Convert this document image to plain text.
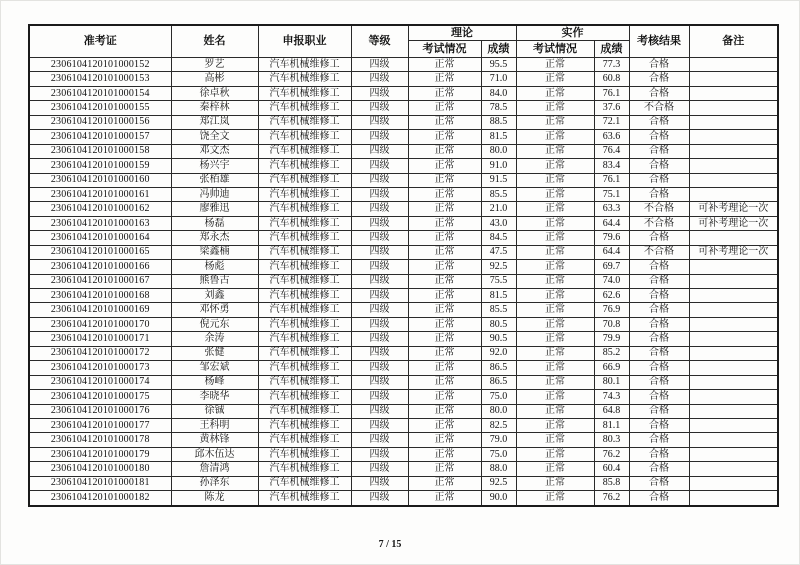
准考证	姓名	申报职业	等级	理论		实作		考核结果	备注
				考试情况	成绩	考试情况	成绩		
2306104120101000152	罗艺	汽车机械维修工	四级	正常	95.5	正常	77.3	合格	
2306104120101000153	高彬	汽车机械维修工	四级	正常	71.0	正常	60.8	合格	
2306104120101000154	徐卓秋	汽车机械维修工	四级	正常	84.0	正常	76.1	合格	
2306104120101000155	秦梓林	汽车机械维修工	四级	正常	78.5	正常	37.6	不合格	
2306104120101000156	郑江岚	汽车机械维修工	四级	正常	88.5	正常	72.1	合格	
2306104120101000157	饶全文	汽车机械维修工	四级	正常	81.5	正常	63.6	合格	
2306104120101000158	邓文杰	汽车机械维修工	四级	正常	80.0	正常	76.4	合格	
2306104120101000159	杨兴宇	汽车机械维修工	四级	正常	91.0	正常	83.4	合格	
2306104120101000160	张栢雄	汽车机械维修工	四级	正常	91.5	正常	76.1	合格	
2306104120101000161	冯帅迪	汽车机械维修工	四级	正常	85.5	正常	75.1	合格	
2306104120101000162	廖雅迅	汽车机械维修工	四级	正常	21.0	正常	63.3	不合格	可补考理论一次
2306104120101000163	杨磊	汽车机械维修工	四级	正常	43.0	正常	64.4	不合格	可补考理论一次
2306104120101000164	郑永杰	汽车机械维修工	四级	正常	84.5	正常	79.6	合格	
2306104120101000165	梁鑫楠	汽车机械维修工	四级	正常	47.5	正常	64.4	不合格	可补考理论一次
2306104120101000166	杨彪	汽车机械维修工	四级	正常	92.5	正常	69.7	合格	
2306104120101000167	熊鲁古	汽车机械维修工	四级	正常	75.5	正常	74.0	合格	
2306104120101000168	刘鑫	汽车机械维修工	四级	正常	81.5	正常	62.6	合格	
2306104120101000169	邓怀勇	汽车机械维修工	四级	正常	85.5	正常	76.9	合格	
2306104120101000170	倪元东	汽车机械维修工	四级	正常	80.5	正常	70.8	合格	
2306104120101000171	余涛	汽车机械维修工	四级	正常	90.5	正常	79.9	合格	
2306104120101000172	张健	汽车机械维修工	四级	正常	92.0	正常	85.2	合格	
2306104120101000173	邹宏斌	汽车机械维修工	四级	正常	86.5	正常	66.9	合格	
2306104120101000174	杨峰	汽车机械维修工	四级	正常	86.5	正常	80.1	合格	
2306104120101000175	李晓华	汽车机械维修工	四级	正常	75.0	正常	74.3	合格	
2306104120101000176	徐铖	汽车机械维修工	四级	正常	80.0	正常	64.8	合格	
2306104120101000177	王科明	汽车机械维修工	四级	正常	82.5	正常	81.1	合格	
2306104120101000178	黄林锋	汽车机械维修工	四级	正常	79.0	正常	80.3	合格	
2306104120101000179	邱木伍达	汽车机械维修工	四级	正常	75.0	正常	76.2	合格	
2306104120101000180	詹清鸿	汽车机械维修工	四级	正常	88.0	正常	60.4	合格	
2306104120101000181	孙泽东	汽车机械维修工	四级	正常	92.5	正常	85.8	合格	
2306104120101000182	陈龙	汽车机械维修工	四级	正常	90.0	正常	76.2	合格	
7 / 15
